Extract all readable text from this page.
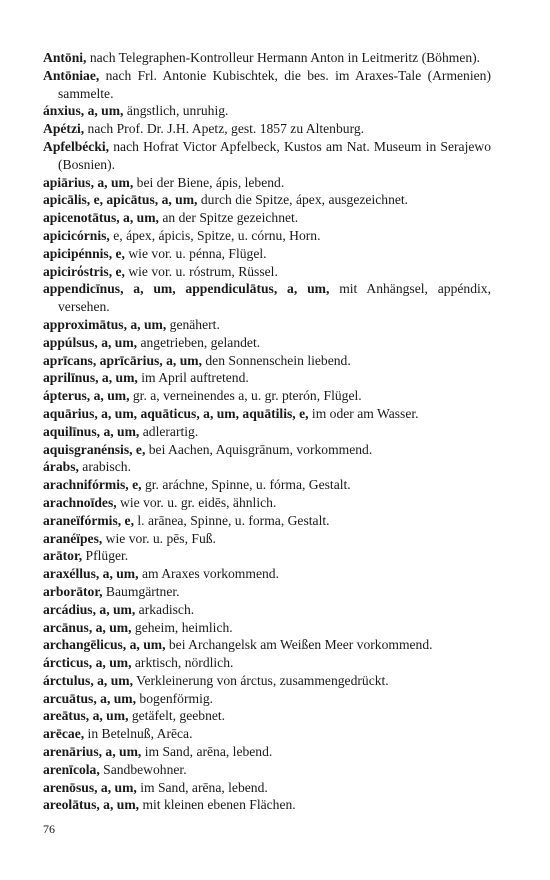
Antōni, nach Telegraphen-Kontrolleur Hermann Anton in Leitmeritz (Böhmen).
Antōniae, nach Frl. Antonie Kubischtek, die bes. im Araxes-Tale (Armenien) sammelte.
ánxius, a, um, ängstlich, unruhig.
Apétzi, nach Prof. Dr. J.H. Apetz, gest. 1857 zu Altenburg.
Apfelbécki, nach Hofrat Victor Apfelbeck, Kustos am Nat. Museum in Serajewo (Bosnien).
apiārius, a, um, bei der Biene, ápis, lebend.
apicālis, e, apicātus, a, um, durch die Spitze, ápex, ausgezeichnet.
apicenotātus, a, um, an der Spitze gezeichnet.
apicicórnis, e, ápex, ápicis, Spitze, u. córnu, Horn.
apicipénnis, e, wie vor. u. pénna, Flügel.
apicirόstris, e, wie vor. u. róstrum, Rüssel.
appendicīnus, a, um, appendiculātus, a, um, mit Anhängsel, appéndix, versehen.
approximātus, a, um, genähert.
appúlsus, a, um, angetrieben, gelandet.
aprīcans, aprīcārius, a, um, den Sonnenschein liebend.
aprilīnus, a, um, im April auftretend.
ápterus, a, um, gr. a, verneinendes a, u. gr. pterón, Flügel.
aquārius, a, um, aquāticus, a, um, aquātilis, e, im oder am Wasser.
aquilīnus, a, um, adlerartig.
aquisgranénsis, e, bei Aachen, Aquisgrānum, vorkommend.
árabs, arabisch.
arachnifórmis, e, gr. aráchne, Spinne, u. fórma, Gestalt.
arachnoīdes, wie vor. u. gr. eidēs, ähnlich.
araneïfórmis, e, l. arānea, Spinne, u. forma, Gestalt.
aranéïpes, wie vor. u. pēs, Fuß.
arātor, Pflüger.
araxéllus, a, um, am Araxes vorkommend.
arborātor, Baumgärtner.
arcádius, a, um, arkadisch.
arcānus, a, um, geheim, heimlich.
archangēlicus, a, um, bei Archangelsk am Weißen Meer vorkommend.
árcticus, a, um, arktisch, nördlich.
árctulus, a, um, Verkleinerung von árctus, zusammengedrückt.
arcuātus, a, um, bogenförmig.
areātus, a, um, getäfelt, geebnet.
arēcae, in Betelnuß, Arēca.
arenārius, a, um, im Sand, arēna, lebend.
arenīcola, Sandbewohner.
arenōsus, a, um, im Sand, arēna, lebend.
areolātus, a, um, mit kleinen ebenen Flächen.
76
